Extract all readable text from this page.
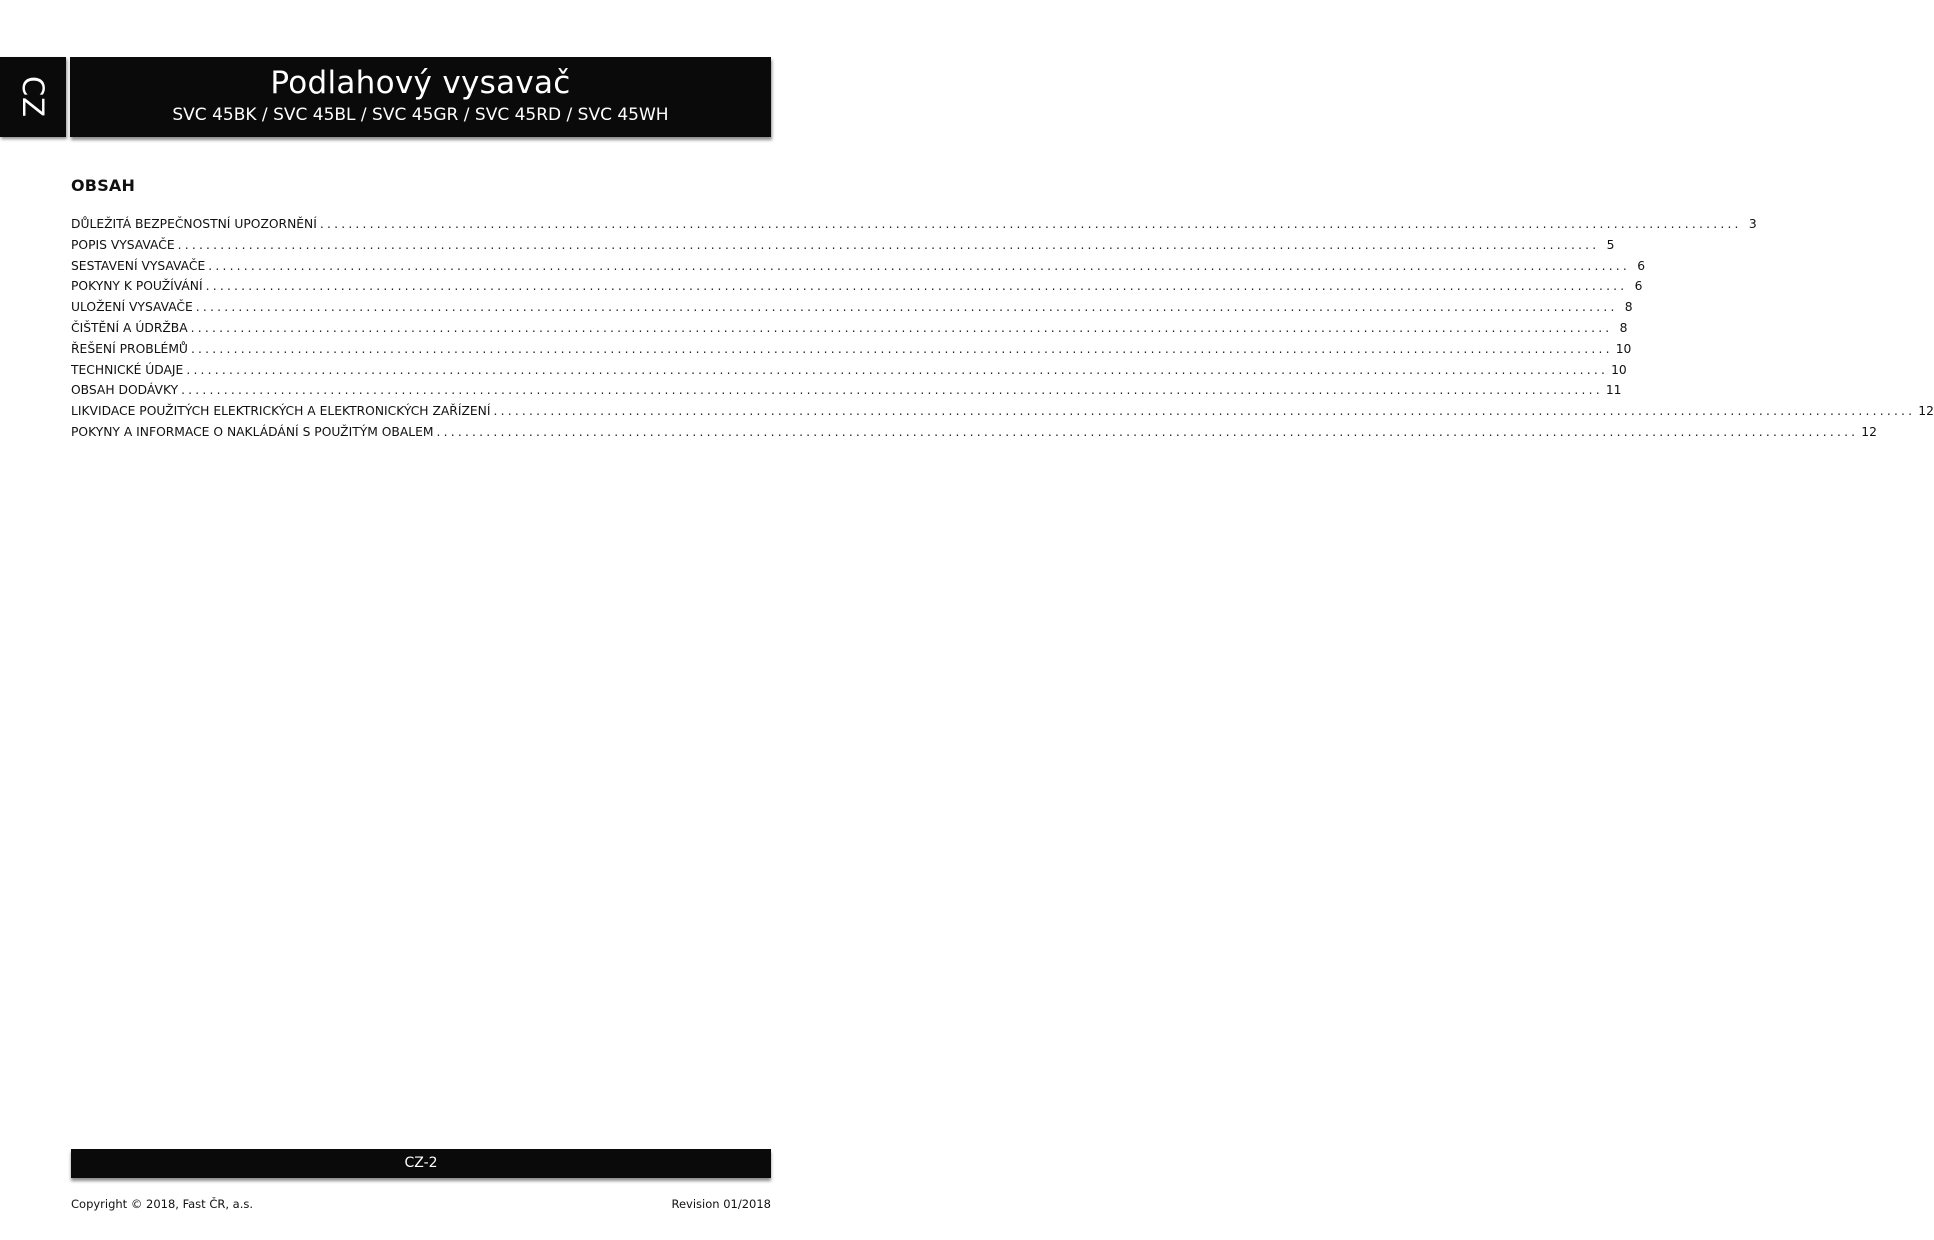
CZ	Podlahový vysavač
SVC 45BK / SVC 45BL / SVC 45GR / SVC 45RD / SVC 45WH
OBSAH
DŮLEŽITÁ BEZPEČNOSTNÍ UPOZORNĚNÍ ........................................................................................................................................................................................................ 3
POPIS VYSAVAČE ........................................................................................................................................................................................................ 5
SESTAVENÍ VYSAVAČE ........................................................................................................................................................................................................ 6
POKYNY K POUŽÍVÁNÍ ........................................................................................................................................................................................................ 6
ULOŽENÍ VYSAVAČE ........................................................................................................................................................................................................ 8
ČIŠTĚNÍ A ÚDRŽBA ........................................................................................................................................................................................................ 8
ŘEŠENÍ PROBLÉMŮ ........................................................................................................................................................................................................ 10
TECHNICKÉ ÚDAJE ........................................................................................................................................................................................................ 10
OBSAH DODÁVKY ........................................................................................................................................................................................................ 11
LIKVIDACE POUŽITÝCH ELEKTRICKÝCH A ELEKTRONICKÝCH ZAŘÍZENÍ ........................................................................................................................................................................................................ 12
POKYNY A INFORMACE O NAKLÁDÁNÍ S POUŽITÝM OBALEM ........................................................................................................................................................................................................ 12
CZ-2
Copyright © 2018, Fast ČR, a.s.	Revision 01/2018
